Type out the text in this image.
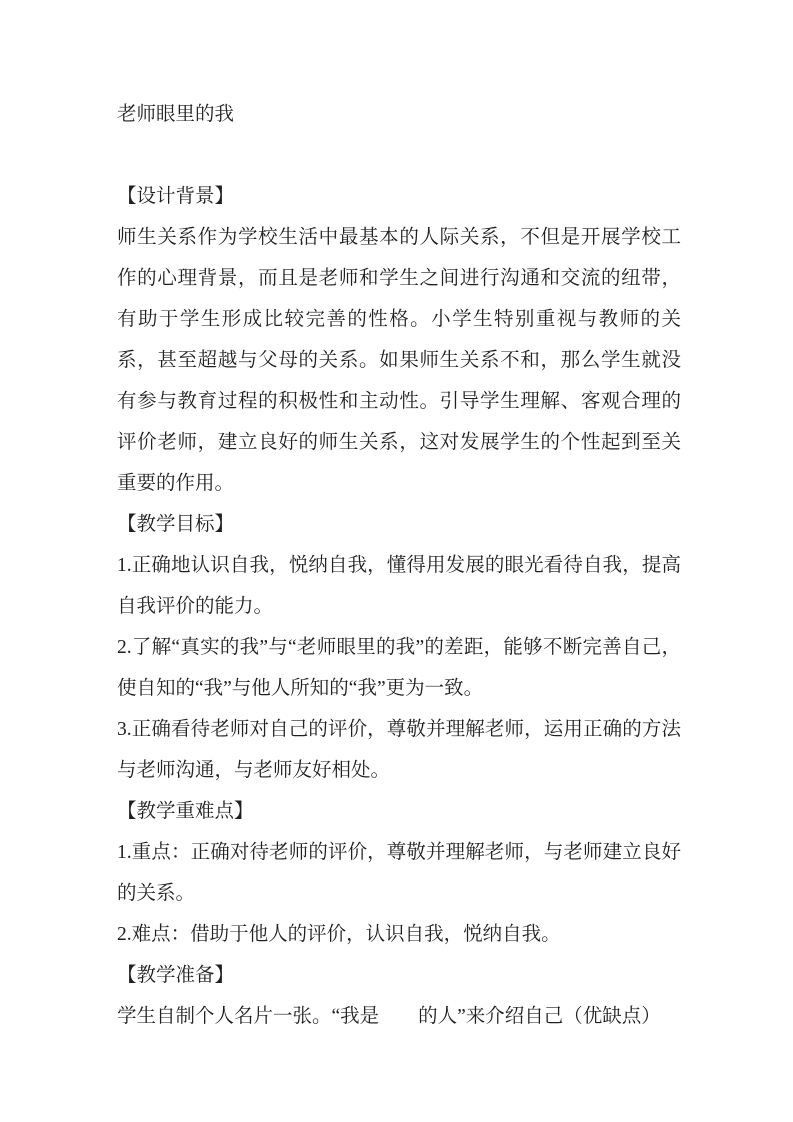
老师眼里的我
【设计背景】

师生关系作为学校生活中最基本的人际关系，不但是开展学校工作的心理背景，而且是老师和学生之间进行沟通和交流的纽带，有助于学生形成比较完善的性格。小学生特别重视与教师的关系，甚至超越与父母的关系。如果师生关系不和，那么学生就没有参与教育过程的积极性和主动性。引导学生理解、客观合理的评价老师，建立良好的师生关系，这对发展学生的个性起到至关重要的作用。

【教学目标】

1.正确地认识自我，悦纳自我，懂得用发展的眼光看待自我，提高自我评价的能力。

2.了解“真实的我”与“老师眼里的我”的差距，能够不断完善自己，使自知的“我”与他人所知的“我”更为一致。

3.正确看待老师对自己的评价，尊敬并理解老师，运用正确的方法与老师沟通，与老师友好相处。

【教学重难点】

1.重点：正确对待老师的评价，尊敬并理解老师，与老师建立良好的关系。

2.难点：借助于他人的评价，认识自我，悦纳自我。

【教学准备】

学生自制个人名片一张。“我是　　的人”来介绍自己（优缺点）
